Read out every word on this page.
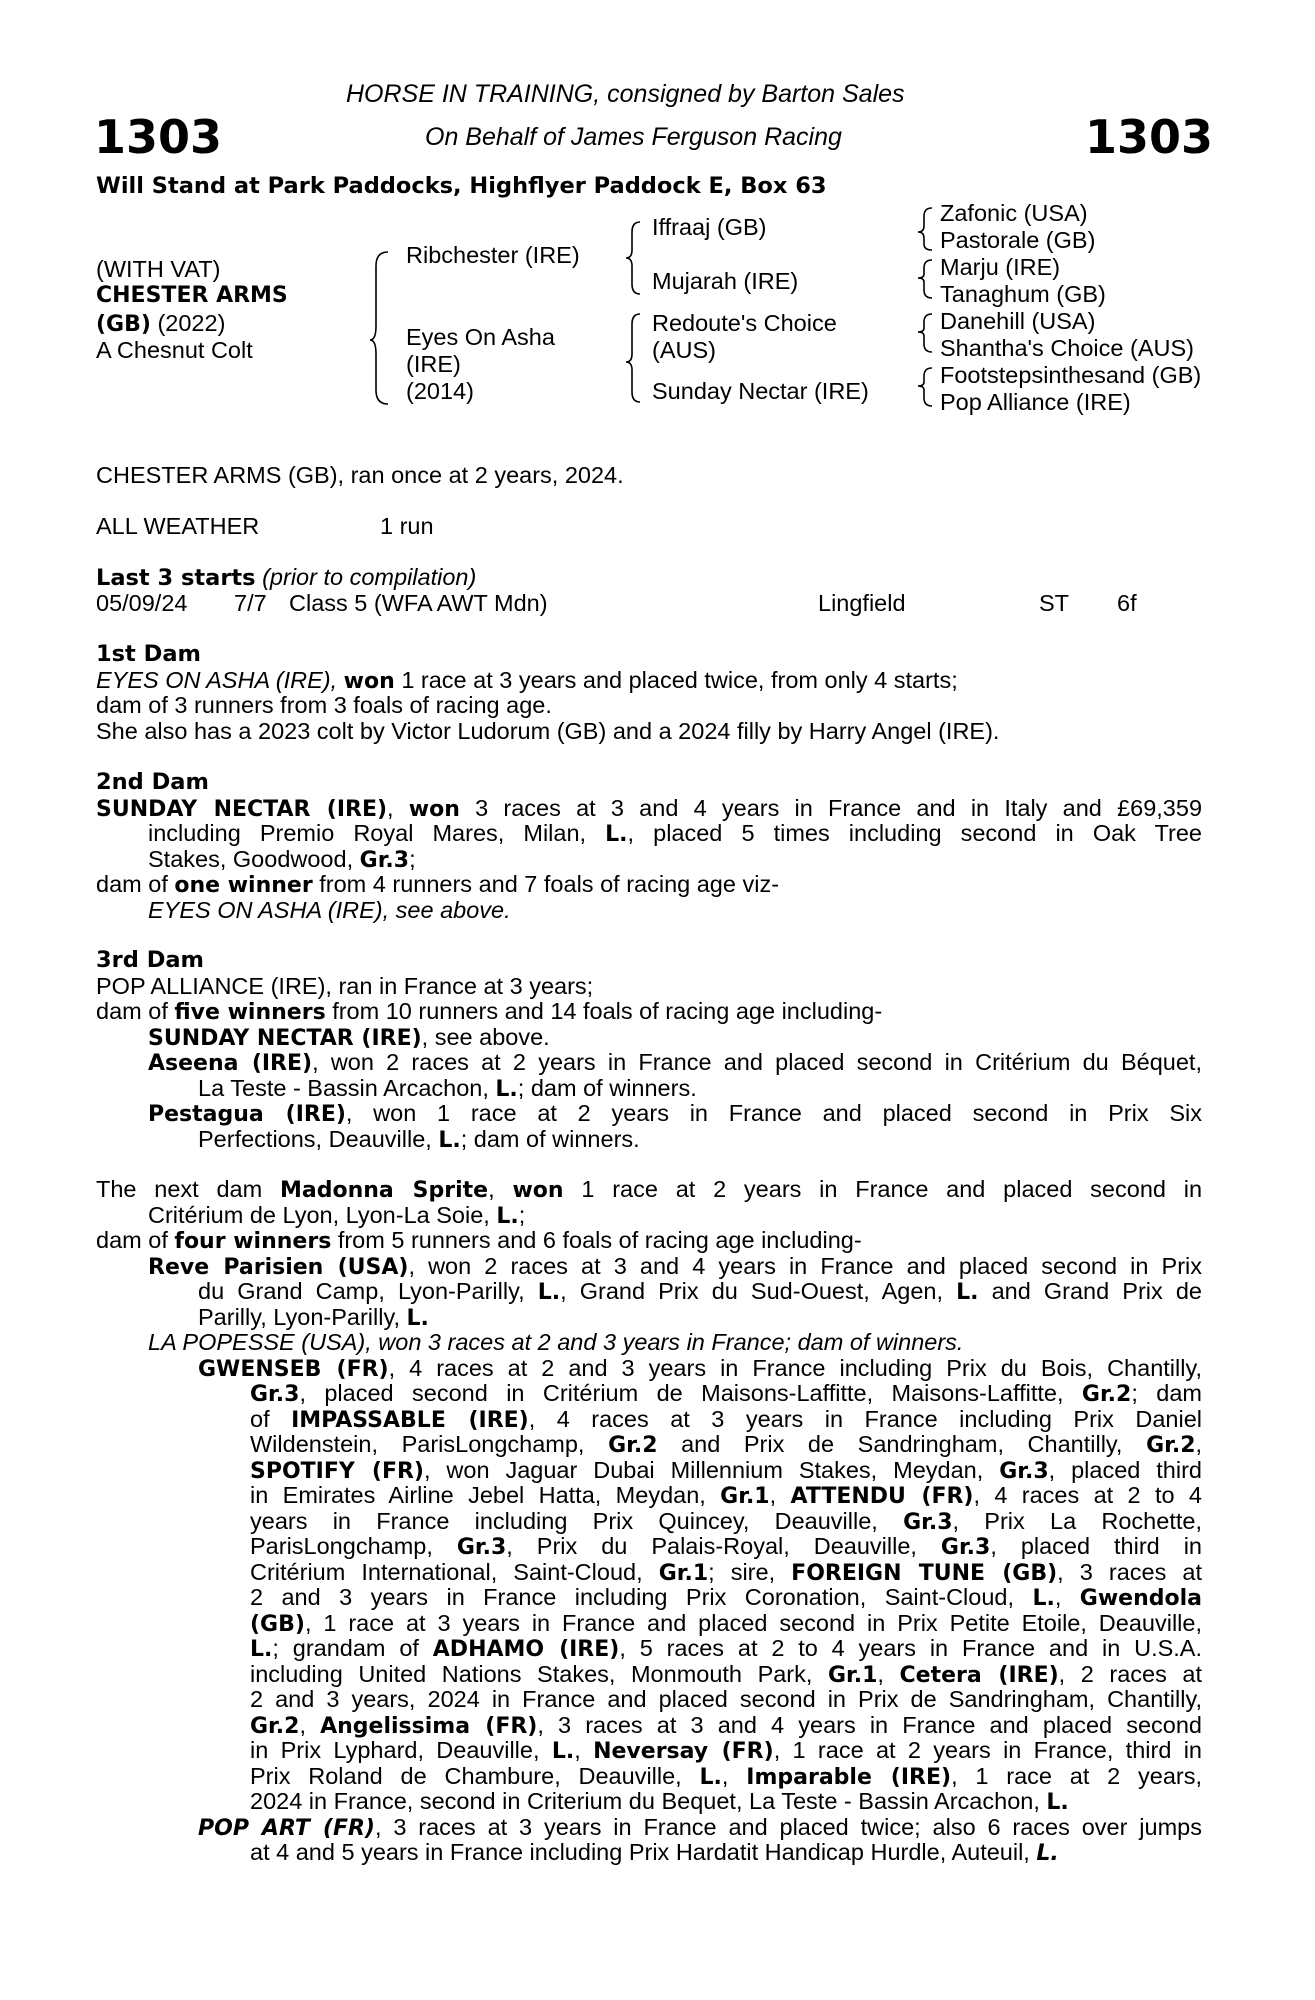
1303	1303
HORSE IN TRAINING, consigned by Barton Sales
On Behalf of James Ferguson Racing
Will Stand at Park Paddocks, Highflyer Paddock E, Box 63
(WITH VAT)
CHESTER ARMS
(GB) (2022)
A Chesnut Colt
Ribchester (IRE)
Eyes On Asha
(IRE)
(2014)
Iffraaj (GB)
Mujarah (IRE)
Redoute's Choice
(AUS)
Sunday Nectar (IRE)
Zafonic (USA)
Pastorale (GB)
Marju (IRE)
Tanaghum (GB)
Danehill (USA)
Shantha's Choice (AUS)
Footstepsinthesand (GB)
Pop Alliance (IRE)
CHESTER ARMS (GB), ran once at 2 years, 2024.
ALL WEATHER	1 run
Last 3 starts (prior to compilation)
05/09/24 7/7 Class 5 (WFA AWT Mdn)	Lingfield	ST 6f
1st Dam
EYES ON ASHA (IRE), won 1 race at 3 years and placed twice, from only 4 starts;
dam of 3 runners from 3 foals of racing age.
She also has a 2023 colt by Victor Ludorum (GB) and a 2024 filly by Harry Angel (IRE).
2nd Dam
SUNDAY NECTAR (IRE), won 3 races at 3 and 4 years in France and in Italy and £69,359
including Premio Royal Mares, Milan, L., placed 5 times including second in Oak Tree
Stakes, Goodwood, Gr.3;
dam of one winner from 4 runners and 7 foals of racing age viz-
EYES ON ASHA (IRE), see above.
3rd Dam
POP ALLIANCE (IRE), ran in France at 3 years;
dam of five winners from 10 runners and 14 foals of racing age including-
SUNDAY NECTAR (IRE), see above.
Aseena (IRE), won 2 races at 2 years in France and placed second in Critérium du Béquet,
La Teste - Bassin Arcachon, L.; dam of winners.
Pestagua (IRE), won 1 race at 2 years in France and placed second in Prix Six
Perfections, Deauville, L.; dam of winners.
The next dam Madonna Sprite, won 1 race at 2 years in France and placed second in
Critérium de Lyon, Lyon-La Soie, L.;
dam of four winners from 5 runners and 6 foals of racing age including-
Reve Parisien (USA), won 2 races at 3 and 4 years in France and placed second in Prix
du Grand Camp, Lyon-Parilly, L., Grand Prix du Sud-Ouest, Agen, L. and Grand Prix de
Parilly, Lyon-Parilly, L.
LA POPESSE (USA), won 3 races at 2 and 3 years in France; dam of winners.
GWENSEB (FR), 4 races at 2 and 3 years in France including Prix du Bois, Chantilly,
Gr.3, placed second in Critérium de Maisons-Laffitte, Maisons-Laffitte, Gr.2; dam
of IMPASSABLE (IRE), 4 races at 3 years in France including Prix Daniel
Wildenstein, ParisLongchamp, Gr.2 and Prix de Sandringham, Chantilly, Gr.2,
SPOTIFY (FR), won Jaguar Dubai Millennium Stakes, Meydan, Gr.3, placed third
in Emirates Airline Jebel Hatta, Meydan, Gr.1, ATTENDU (FR), 4 races at 2 to 4
years in France including Prix Quincey, Deauville, Gr.3, Prix La Rochette,
ParisLongchamp, Gr.3, Prix du Palais-Royal, Deauville, Gr.3, placed third in
Critérium International, Saint-Cloud, Gr.1; sire, FOREIGN TUNE (GB), 3 races at
2 and 3 years in France including Prix Coronation, Saint-Cloud, L., Gwendola
(GB), 1 race at 3 years in France and placed second in Prix Petite Etoile, Deauville,
L.; grandam of ADHAMO (IRE), 5 races at 2 to 4 years in France and in U.S.A.
including United Nations Stakes, Monmouth Park, Gr.1, Cetera (IRE), 2 races at
2 and 3 years, 2024 in France and placed second in Prix de Sandringham, Chantilly,
Gr.2, Angelissima (FR), 3 races at 3 and 4 years in France and placed second
in Prix Lyphard, Deauville, L., Neversay (FR), 1 race at 2 years in France, third in
Prix Roland de Chambure, Deauville, L., Imparable (IRE), 1 race at 2 years,
2024 in France, second in Criterium du Bequet, La Teste - Bassin Arcachon, L.
POP ART (FR), 3 races at 3 years in France and placed twice; also 6 races over jumps
at 4 and 5 years in France including Prix Hardatit Handicap Hurdle, Auteuil, L.
